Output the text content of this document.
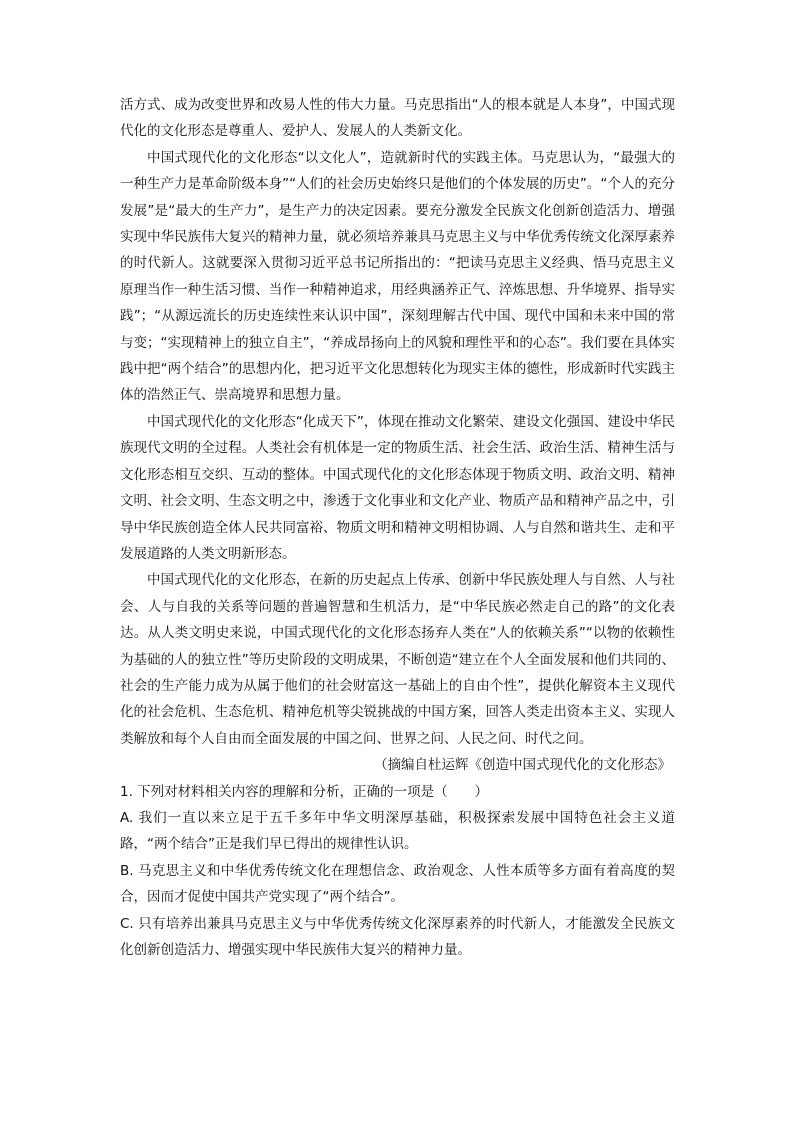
活方式、成为改变世界和改易人性的伟大力量。马克思指出“人的根本就是人本身”，中国式现代化的文化形态是尊重人、爱护人、发展人的人类新文化。

中国式现代化的文化形态“以文化人”，造就新时代的实践主体。马克思认为，“最强大的一种生产力是革命阶级本身”“人们的社会历史始终只是他们的个体发展的历史”。“个人的充分发展”是“最大的生产力”，是生产力的决定因素。要充分激发全民族文化创新创造活力、增强实现中华民族伟大复兴的精神力量，就必须培养兼具马克思主义与中华优秀传统文化深厚素养的时代新人。这就要深入贯彻习近平总书记所指出的：“把读马克思主义经典、悟马克思主义原理当作一种生活习惯、当作一种精神追求，用经典涵养正气、淬炼思想、升华境界、指导实践”；“从源远流长的历史连续性来认识中国”，深刻理解古代中国、现代中国和未来中国的常与变；“实现精神上的独立自主”，“养成昂扬向上的风貌和理性平和的心态”。我们要在具体实践中把“两个结合”的思想内化，把习近平文化思想转化为现实主体的德性，形成新时代实践主体的浩然正气、崇高境界和思想力量。

中国式现代化的文化形态“化成天下”，体现在推动文化繁荣、建设文化强国、建设中华民族现代文明的全过程。人类社会有机体是一定的物质生活、社会生活、政治生活、精神生活与文化形态相互交织、互动的整体。中国式现代化的文化形态体现于物质文明、政治文明、精神文明、社会文明、生态文明之中，渗透于文化事业和文化产业、物质产品和精神产品之中，引导中华民族创造全体人民共同富裕、物质文明和精神文明相协调、人与自然和谐共生、走和平发展道路的人类文明新形态。

中国式现代化的文化形态，在新的历史起点上传承、创新中华民族处理人与自然、人与社会、人与自我的关系等问题的普遍智慧和生机活力，是“中华民族必然走自己的路”的文化表达。从人类文明史来说，中国式现代化的文化形态扬弃人类在“人的依赖关系”“以物的依赖性为基础的人的独立性”等历史阶段的文明成果，不断创造“建立在个人全面发展和他们共同的、社会的生产能力成为从属于他们的社会财富这一基础上的自由个性”，提供化解资本主义现代化的社会危机、生态危机、精神危机等尖锐挑战的中国方案，回答人类走出资本主义、实现人类解放和每个人自由而全面发展的中国之问、世界之问、人民之问、时代之问。

（摘编自杜运辉《创造中国式现代化的文化形态》

1. 下列对材料相关内容的理解和分析，正确的一项是（　　）

A. 我们一直以来立足于五千多年中华文明深厚基础，积极探索发展中国特色社会主义道路，“两个结合”正是我们早已得出的规律性认识。

B. 马克思主义和中华优秀传统文化在理想信念、政治观念、人性本质等多方面有着高度的契合，因而才促使中国共产党实现了“两个结合”。

C. 只有培养出兼具马克思主义与中华优秀传统文化深厚素养的时代新人，才能激发全民族文化创新创造活力、增强实现中华民族伟大复兴的精神力量。
